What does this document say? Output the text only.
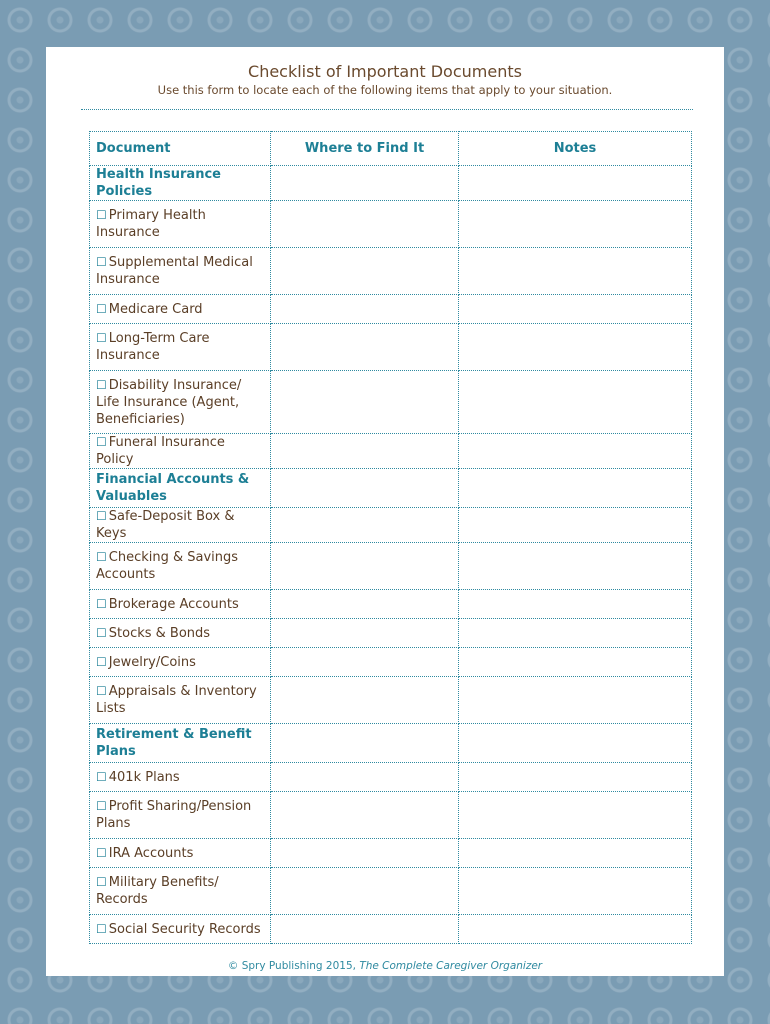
Checklist of Important Documents
Use this form to locate each of the following items that apply to your situation.
Document	Where to Find It	Notes
Health Insurance Policies		
☐ Primary Health Insurance		
☐ Supplemental Medical Insurance		
☐ Medicare Card		
☐ Long-Term Care Insurance		
☐ Disability Insurance/ Life Insurance (Agent, Beneficiaries)		
☐ Funeral Insurance Policy		
Financial Accounts & Valuables		
☐ Safe-Deposit Box & Keys		
☐ Checking & Savings Accounts		
☐ Brokerage Accounts		
☐ Stocks & Bonds		
☐ Jewelry/Coins		
☐ Appraisals & Inventory Lists		
Retirement & Benefit Plans		
☐ 401k Plans		
☐ Profit Sharing/Pension Plans		
☐ IRA Accounts		
☐ Military Benefits/ Records		
☐ Social Security Records		
© Spry Publishing 2015, The Complete Caregiver Organizer
